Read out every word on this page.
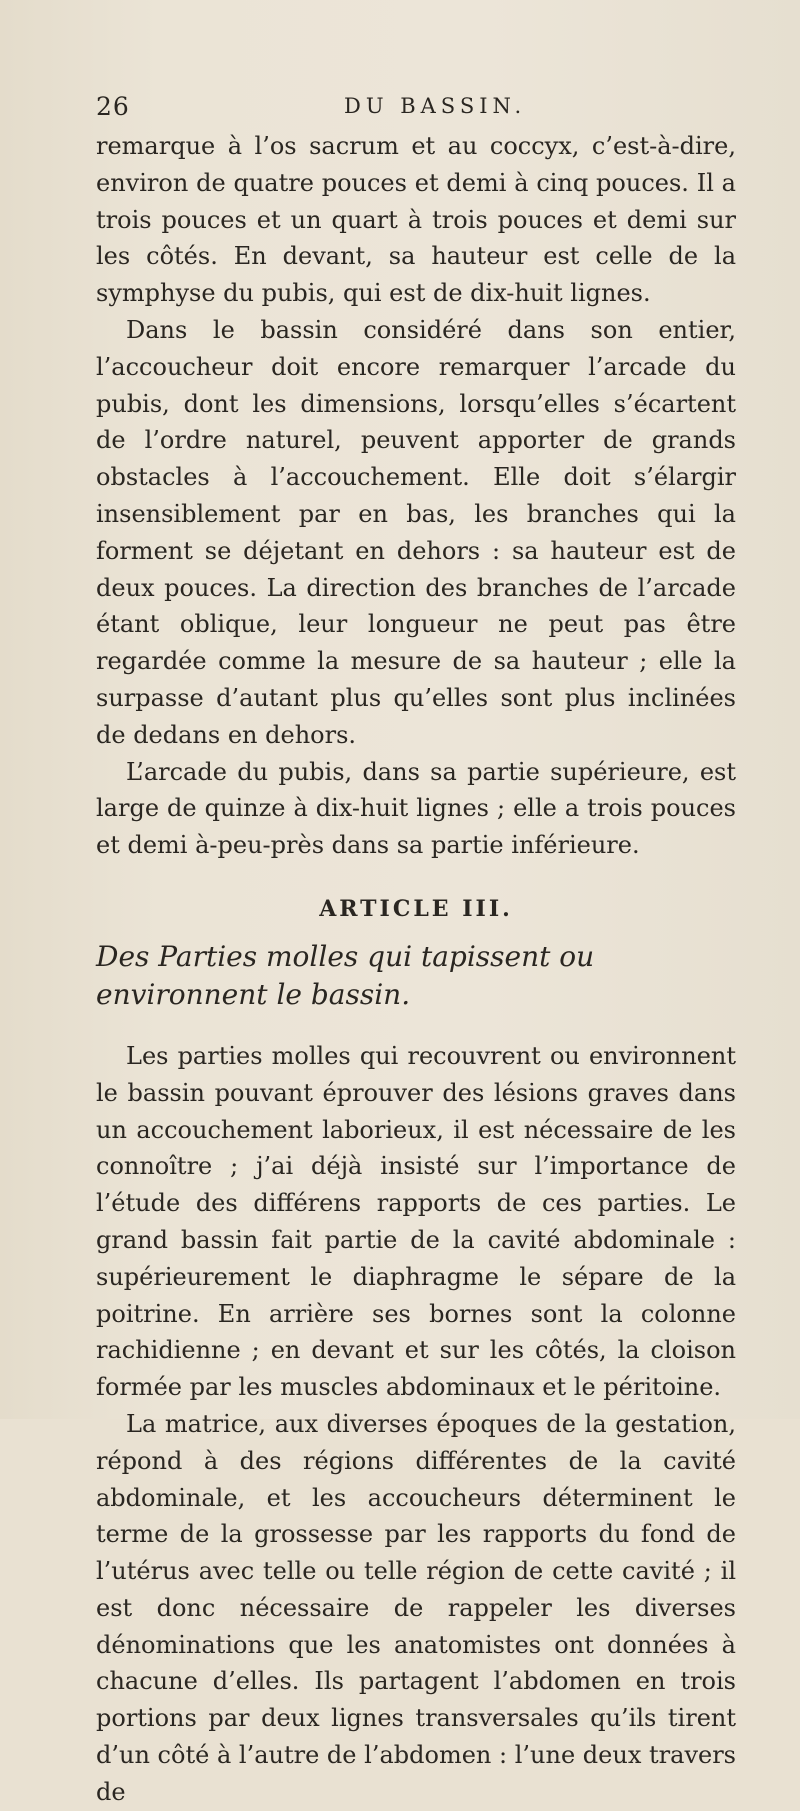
26	DU BASSIN.

remarque à l’os sacrum et au coccyx, c’est-à-dire, environ de quatre pouces et demi à cinq pouces. Il a trois pouces et un quart à trois pouces et demi sur les côtés. En devant, sa hauteur est celle de la symphyse du pubis, qui est de dix-huit lignes.

Dans le bassin considéré dans son entier, l’accoucheur doit encore remarquer l’arcade du pubis, dont les dimensions, lorsqu’elles s’écartent de l’ordre naturel, peuvent apporter de grands obstacles à l’accouchement. Elle doit s’élargir insensiblement par en bas, les branches qui la forment se déjetant en dehors : sa hauteur est de deux pouces. La direction des branches de l’arcade étant oblique, leur longueur ne peut pas être regardée comme la mesure de sa hauteur ; elle la surpasse d’autant plus qu’elles sont plus inclinées de dedans en dehors.

L’arcade du pubis, dans sa partie supérieure, est large de quinze à dix-huit lignes ; elle a trois pouces et demi à-peu-près dans sa partie inférieure.

ARTICLE III.
Des Parties molles qui tapissent ou environnent le bassin.

Les parties molles qui recouvrent ou environnent le bassin pouvant éprouver des lésions graves dans un accouchement laborieux, il est nécessaire de les connoître ; j’ai déjà insisté sur l’importance de l’étude des différens rapports de ces parties. Le grand bassin fait partie de la cavité abdominale : supérieurement le diaphragme le sépare de la poitrine. En arrière ses bornes sont la colonne rachidienne ; en devant et sur les côtés, la cloison formée par les muscles abdominaux et le péritoine.

La matrice, aux diverses époques de la gestation, répond à des régions différentes de la cavité abdominale, et les accoucheurs déterminent le terme de la grossesse par les rapports du fond de l’utérus avec telle ou telle région de cette cavité ; il est donc nécessaire de rappeler les diverses dénominations que les anatomistes ont données à chacune d’elles. Ils partagent l’abdomen en trois portions par deux lignes transversales qu’ils tirent d’un côté à l’autre de l’abdomen : l’une deux travers de
